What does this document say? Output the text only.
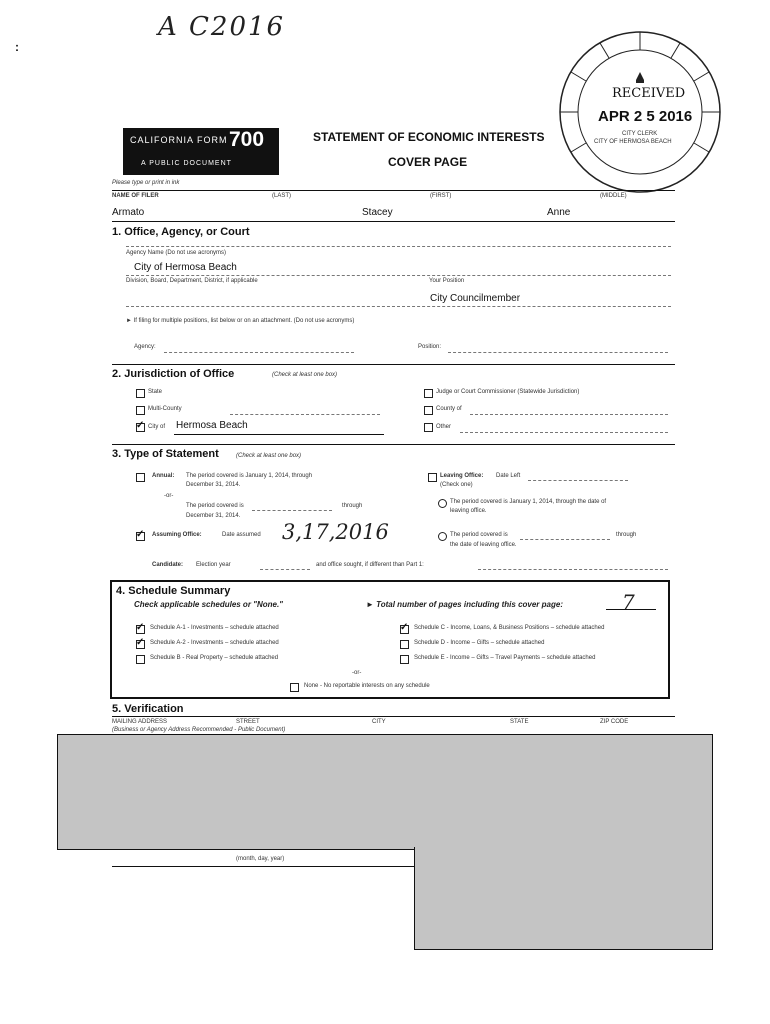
A C2016
:
RECEIVED
APR 2 5 2016
CITY CLERK
CITY OF HERMOSA BEACH
CALIFORNIA FORM 700
A PUBLIC DOCUMENT
STATEMENT OF ECONOMIC INTERESTS
COVER PAGE
Please type or print in ink
NAME OF FILER	(LAST)	(FIRST)	(MIDDLE)
Armato	Stacey	Anne
1. Office, Agency, or Court
Agency Name (Do not use acronyms)
City of Hermosa Beach
Division, Board, Department, District, if applicable	Your Position
City Councilmember
► If filing for multiple positions, list below or on an attachment. (Do not use acronyms)
Agency:	Position:
2. Jurisdiction of Office	(Check at least one box)
State	Judge or Court Commissioner (Statewide Jurisdiction)
Multi-County	County of
✓
City of Hermosa Beach	Other
3. Type of Statement	(Check at least one box)
Annual: The period covered is January 1, 2014, through
December 31, 2014.
-or-
The period covered is	through
December 31, 2014.
✓
Assuming Office:	Date assumed 3,17,2016
Leaving Office: Date Left
(Check one)
The period covered is January 1, 2014, through the date of
leaving office.
The period covered is	through
the date of leaving office.
Candidate: Election year	and office sought, if different than Part 1:
4. Schedule Summary
Check applicable schedules or "None."	► Total number of pages including this cover page:	7
✓
Schedule A-1 - Investments – schedule attached
✓
Schedule A-2 - Investments – schedule attached
Schedule B - Real Property – schedule attached
✓
Schedule C - Income, Loans, & Business Positions – schedule attached
Schedule D - Income – Gifts – schedule attached
Schedule E - Income – Gifts – Travel Payments – schedule attached
-or-
None - No reportable interests on any schedule
5. Verification
MAILING ADDRESS	STREET	CITY	STATE	ZIP CODE
(Business or Agency Address Recommended - Public Document)
(month, day, year)
